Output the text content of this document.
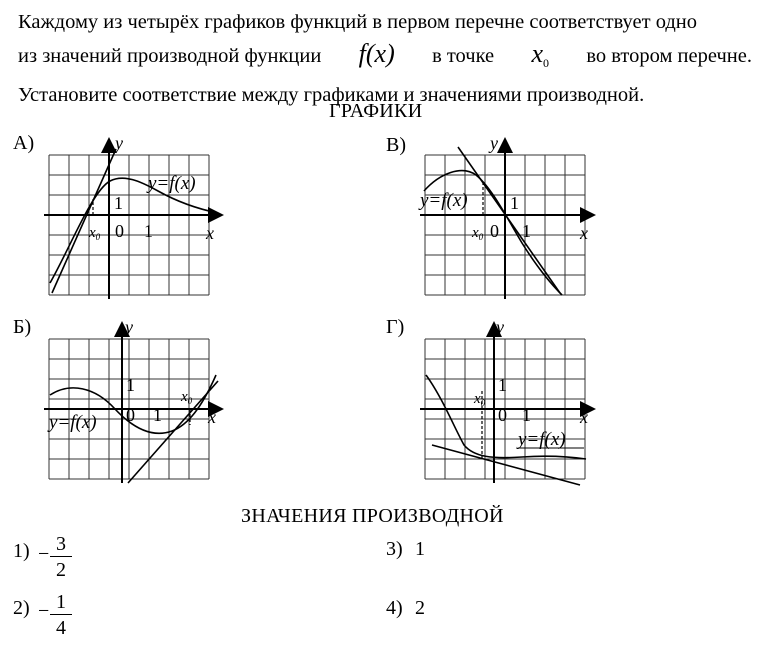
Каждому из четырёх графиков функций в первом перечне соответствует одно
из значений производной функции f(x) в точке $x_0$ во втором перечне.
Установите соответствие между графиками и значениями производной.
ГРАФИКИ
А)	В)
Б)	Г)
y
x
0 1
1
$x_0$
y=f(x)
y
x
0 1
1
$x_0$
y=f(x)
y
x
0 1
1
$x_0$
y=f(x)
y
x
0 1
1
$x_0$
y=f(x)
ЗНАЧЕНИЯ ПРОИЗВОДНОЙ
$1) - \frac{3}{2}$
$2) - \frac{1}{4}$
3) 1
4) 2
